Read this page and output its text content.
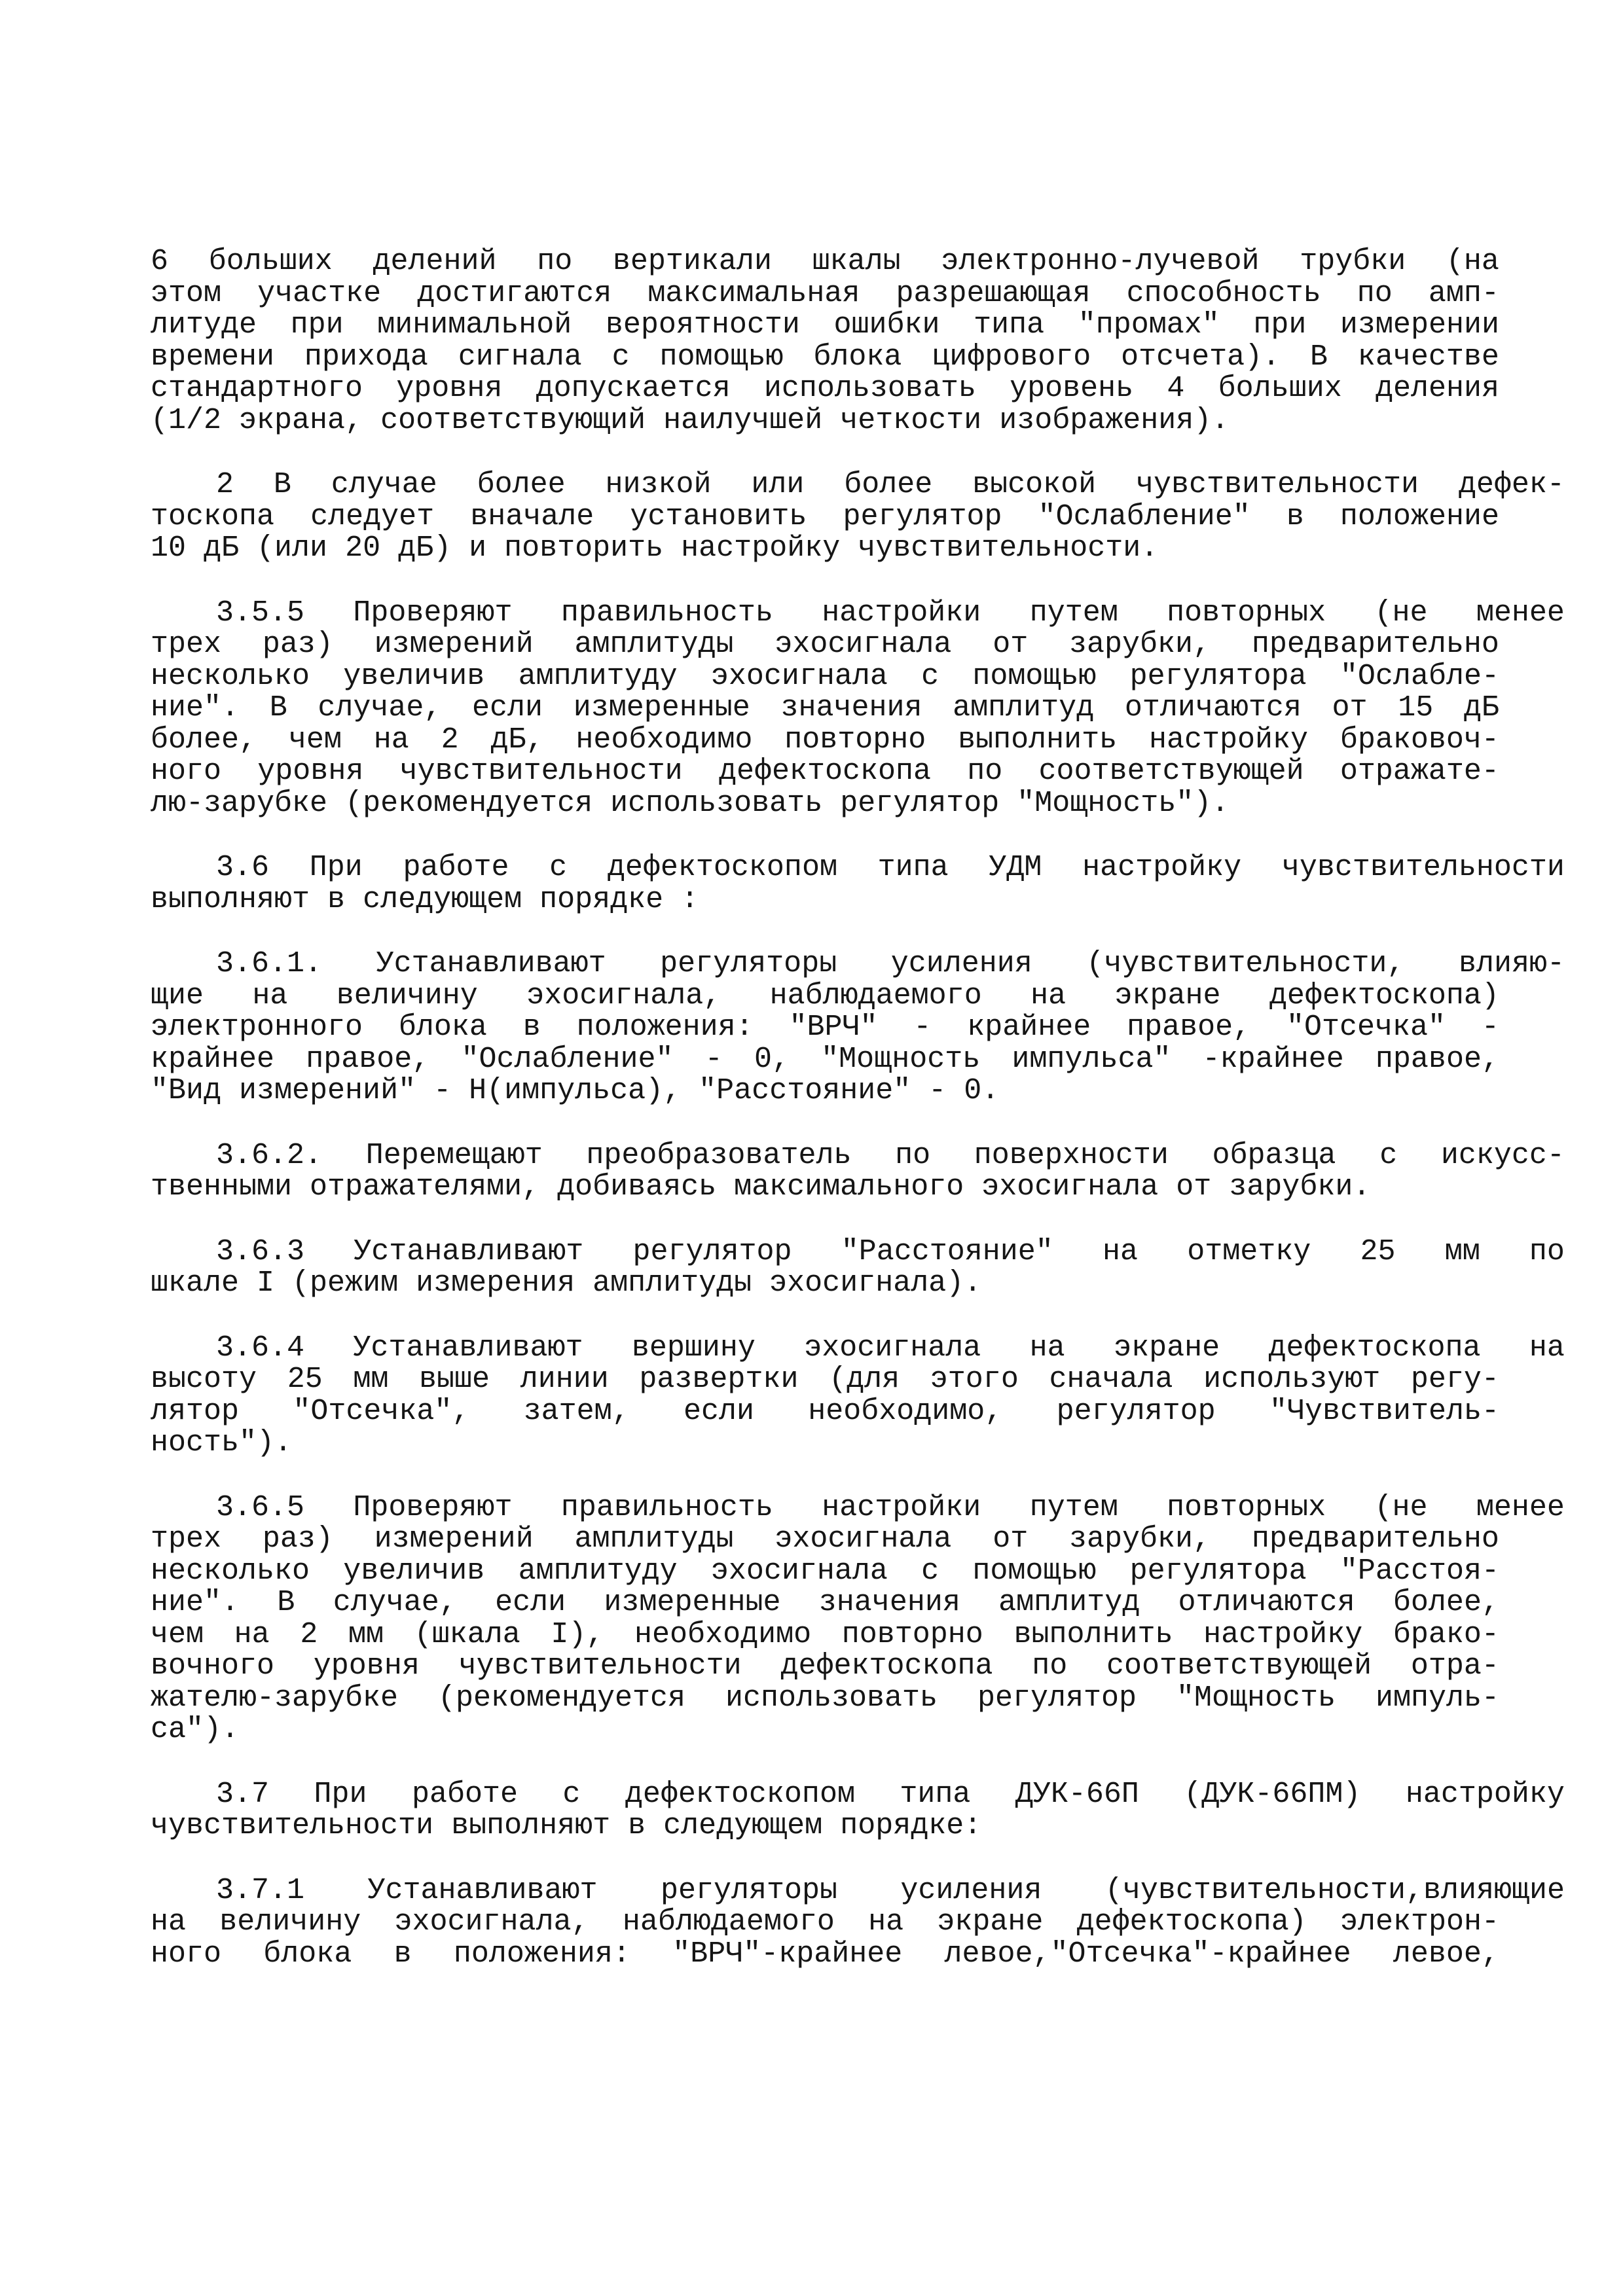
6 больших делений по вертикали шкалы электронно-лучевой трубки (на
этом участке достигаются максимальная разрешающая способность по амп-
литуде при минимальной вероятности ошибки типа "промах" при измерении
времени прихода сигнала с помощью блока цифрового отсчета). В качестве
стандартного уровня допускается использовать уровень 4 больших деления
(1/2 экрана, соответствующий наилучшей четкости изображения).
2 В случае более низкой или более высокой чувствительности дефек-
тоскопа следует вначале установить регулятор "Ослабление" в положение
10 дБ (или 20 дБ) и повторить настройку чувствительности.
3.5.5 Проверяют правильность настройки путем повторных (не менее
трех раз) измерений амплитуды эхосигнала от зарубки, предварительно
несколько увеличив амплитуду эхосигнала с помощью регулятора "Ослабле-
ние". В случае, если измеренные значения амплитуд отличаются от 15 дБ
более, чем на 2 дБ, необходимо повторно выполнить настройку браковоч-
ного уровня чувствительности дефектоскопа по соответствующей отражате-
лю-зарубке (рекомендуется использовать регулятор "Мощность").
3.6 При работе с дефектоскопом типа УДМ настройку чувствительности
выполняют в следующем порядке :
3.6.1. Устанавливают регуляторы усиления (чувствительности, влияю-
щие на величину эхосигнала, наблюдаемого на экране дефектоскопа)
электронного блока в положения: "ВРЧ" - крайнее правое, "Отсечка" -
крайнее правое, "Ослабление" - 0, "Мощность импульса" -крайнее правое,
"Вид измерений" - Н(импульса), "Расстояние" - 0.
3.6.2. Перемещают преобразователь по поверхности образца с искусс-
твенными отражателями, добиваясь максимального эхосигнала от зарубки.
3.6.3 Устанавливают регулятор "Расстояние" на отметку 25 мм по
шкале I (режим измерения амплитуды эхосигнала).
3.6.4 Устанавливают вершину эхосигнала на экране дефектоскопа на
высоту 25 мм выше линии развертки (для этого сначала используют регу-
лятор "Отсечка", затем, если необходимо, регулятор "Чувствитель-
ность").
3.6.5 Проверяют правильность настройки путем повторных (не менее
трех раз) измерений амплитуды эхосигнала от зарубки, предварительно
несколько увеличив амплитуду эхосигнала с помощью регулятора "Расстоя-
ние". В случае, если измеренные значения амплитуд отличаются более,
чем на 2 мм (шкала I), необходимо повторно выполнить настройку брако-
вочного уровня чувствительности дефектоскопа по соответствующей отра-
жателю-зарубке (рекомендуется использовать регулятор "Мощность импуль-
са").
3.7 При работе с дефектоскопом типа ДУК-66П (ДУК-66ПМ) настройку
чувствительности выполняют в следующем порядке:
3.7.1 Устанавливают регуляторы усиления (чувствительности,влияющие
на величину эхосигнала, наблюдаемого на экране дефектоскопа) электрон-
ного блока в положения: "ВРЧ"-крайнее левое,"Отсечка"-крайнее левое,
